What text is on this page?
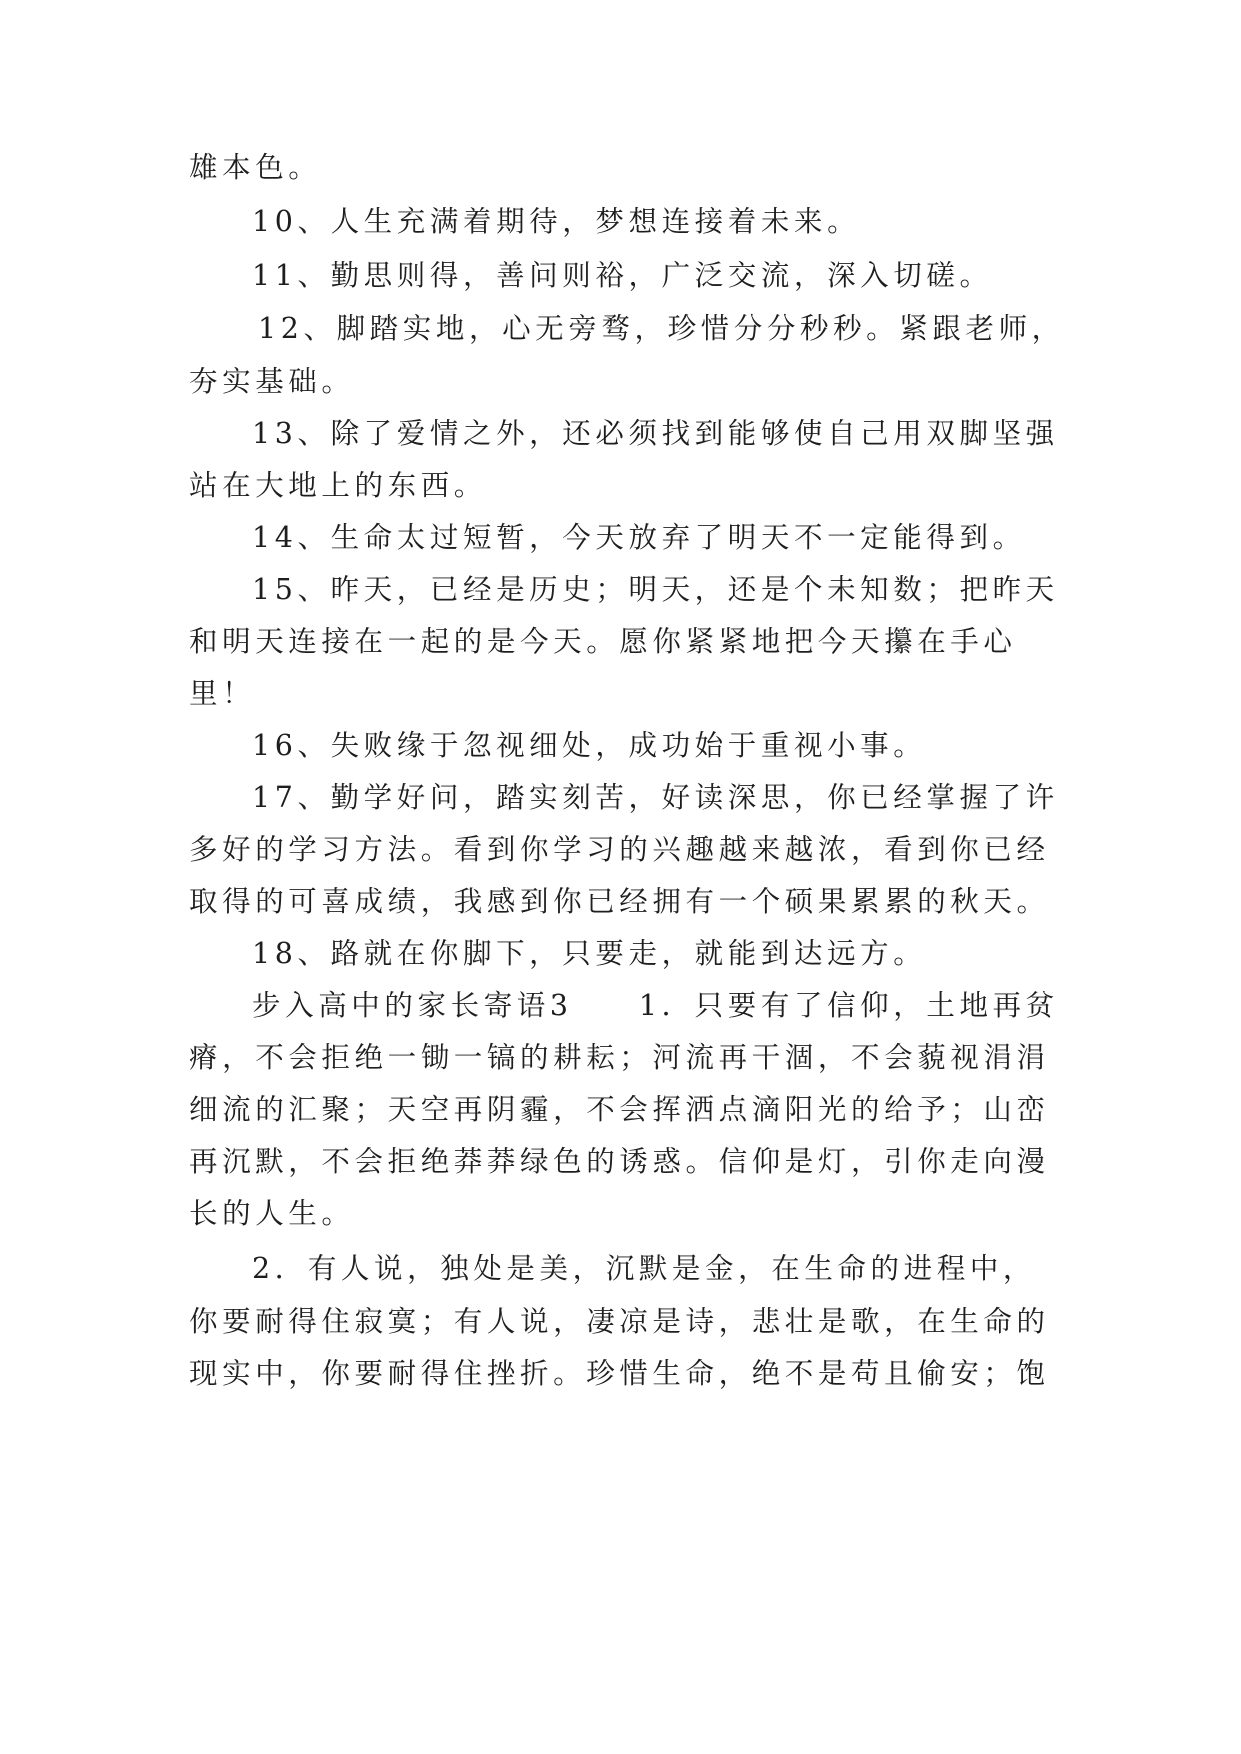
雄本色。
10、人生充满着期待，梦想连接着未来。
11、勤思则得，善问则裕，广泛交流，深入切磋。
12、脚踏实地，心无旁骛，珍惜分分秒秒。紧跟老师，
夯实基础。
13、除了爱情之外，还必须找到能够使自己用双脚坚强
站在大地上的东西。
14、生命太过短暂，今天放弃了明天不一定能得到。
15、昨天，已经是历史；明天，还是个未知数；把昨天
和明天连接在一起的是今天。愿你紧紧地把今天攥在手心
里！
16、失败缘于忽视细处，成功始于重视小事。
17、勤学好问，踏实刻苦，好读深思，你已经掌握了许
多好的学习方法。看到你学习的兴趣越来越浓，看到你已经
取得的可喜成绩，我感到你已经拥有一个硕果累累的秋天。
18、路就在你脚下，只要走，就能到达远方。
步入高中的家长寄语3　　1．只要有了信仰，土地再贫
瘠，不会拒绝一锄一镐的耕耘；河流再干涸，不会藐视涓涓
细流的汇聚；天空再阴霾，不会挥洒点滴阳光的给予；山峦
再沉默，不会拒绝莽莽绿色的诱惑。信仰是灯，引你走向漫
长的人生。
2．有人说，独处是美，沉默是金，在生命的进程中，
你要耐得住寂寞；有人说，凄凉是诗，悲壮是歌，在生命的
现实中，你要耐得住挫折。珍惜生命，绝不是苟且偷安；饱
